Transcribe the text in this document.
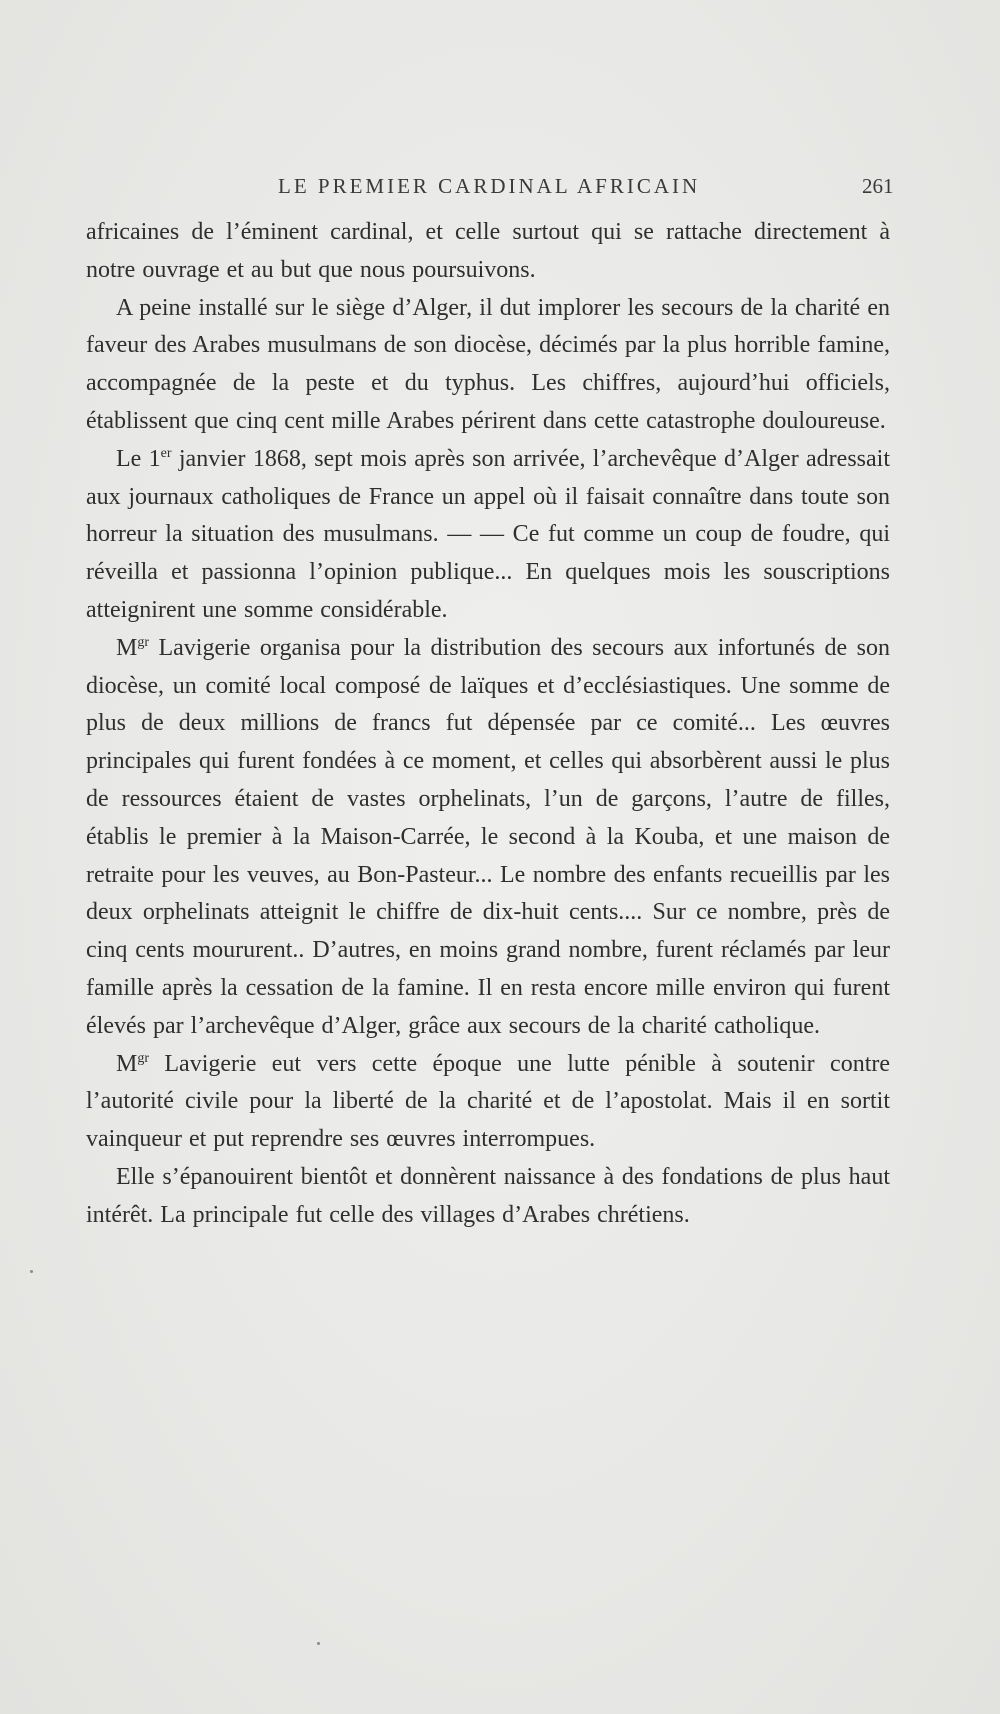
LE PREMIER CARDINAL AFRICAIN	261

africaines de l’éminent cardinal, et celle surtout qui se rattache directement à notre ouvrage et au but que nous poursuivons.

A peine installé sur le siège d’Alger, il dut implorer les secours de la charité en faveur des Arabes musulmans de son diocèse, décimés par la plus horrible famine, accompagnée de la peste et du typhus. Les chiffres, aujourd’hui officiels, établissent que cinq cent mille Arabes périrent dans cette catastrophe douloureuse.

Le 1er janvier 1868, sept mois après son arrivée, l’archevêque d’Alger adressait aux journaux catholiques de France un appel où il faisait connaître dans toute son horreur la situation des musulmans. — — Ce fut comme un coup de foudre, qui réveilla et passionna l’opinion publique... En quelques mois les souscriptions atteignirent une somme considérable.

$M^{gr}$ Lavigerie organisa pour la distribution des secours aux infortunés de son diocèse, un comité local composé de laïques et d’ecclésiastiques. Une somme de plus de deux millions de francs fut dépensée par ce comité... Les œuvres principales qui furent fondées à ce moment, et celles qui absorbèrent aussi le plus de ressources étaient de vastes orphelinats, l’un de garçons, l’autre de filles, établis le premier à la Maison-Carrée, le second à la Kouba, et une maison de retraite pour les veuves, au Bon-Pasteur... Le nombre des enfants recueillis par les deux orphelinats atteignit le chiffre de dix-huit cents.... Sur ce nombre, près de cinq cents moururent.. D’autres, en moins grand nombre, furent réclamés par leur famille après la cessation de la famine. Il en resta encore mille environ qui furent élevés par l’archevêque d’Alger, grâce aux secours de la charité catholique.

$M^{gr}$ Lavigerie eut vers cette époque une lutte pénible à soutenir contre l’autorité civile pour la liberté de la charité et de l’apostolat. Mais il en sortit vainqueur et put reprendre ses œuvres interrompues.

Elle s’épanouirent bientôt et donnèrent naissance à des fondations de plus haut intérêt. La principale fut celle des villages d’Arabes chrétiens.
